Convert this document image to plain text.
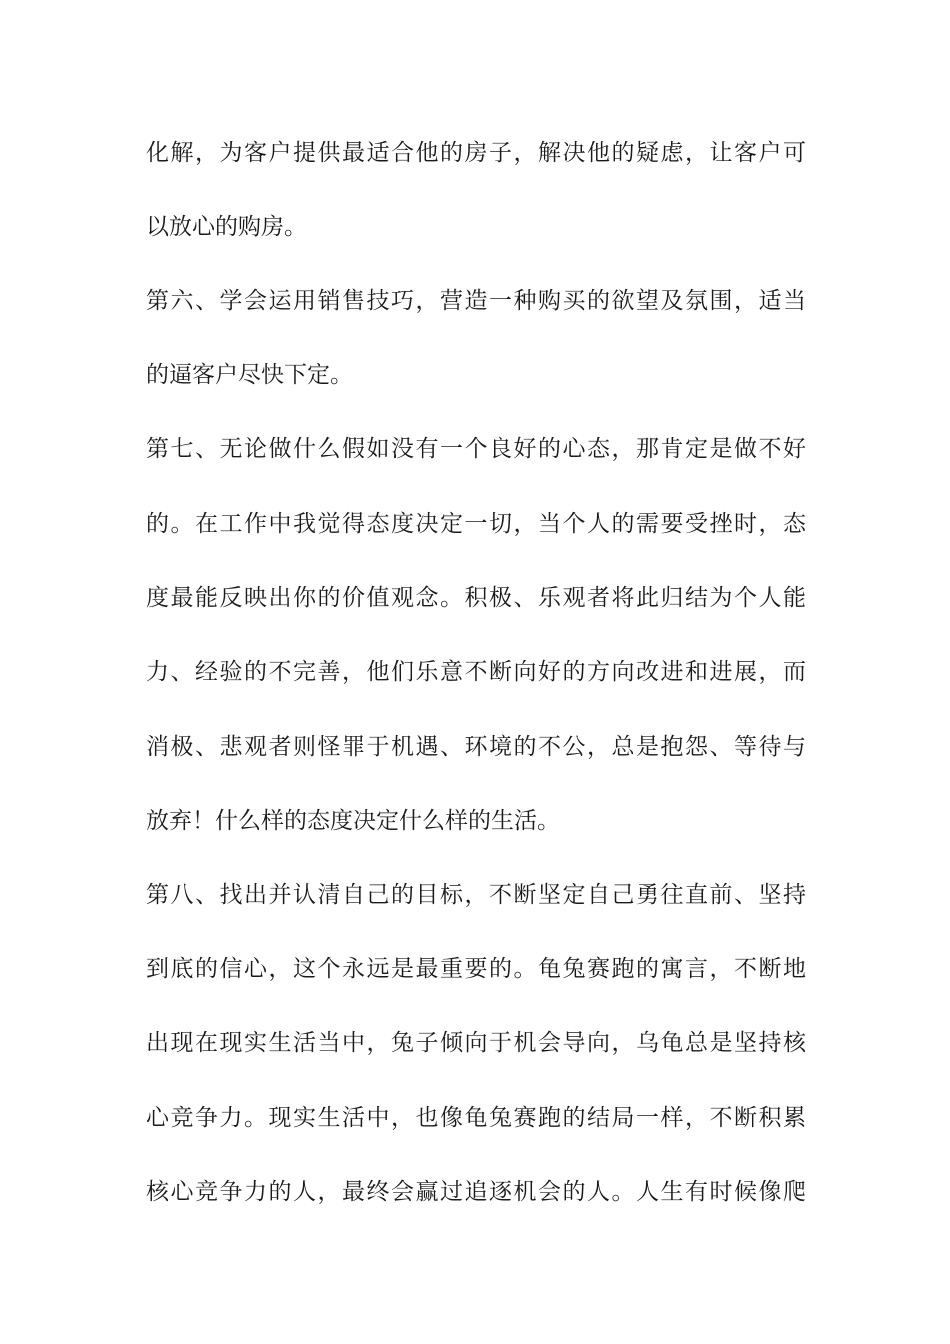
化解，为客户提供最适合他的房子，解决他的疑虑，让客户可
以放心的购房。
第六、学会运用销售技巧，营造一种购买的欲望及氛围，适当
的逼客户尽快下定。
第七、无论做什么假如没有一个良好的心态，那肯定是做不好
的。在工作中我觉得态度决定一切，当个人的需要受挫时，态
度最能反映出你的价值观念。积极、乐观者将此归结为个人能
力、经验的不完善，他们乐意不断向好的方向改进和进展，而
消极、悲观者则怪罪于机遇、环境的不公，总是抱怨、等待与
放弃！什么样的态度决定什么样的生活。
第八、找出并认清自己的目标，不断坚定自己勇往直前、坚持
到底的信心，这个永远是最重要的。龟兔赛跑的寓言，不断地
出现在现实生活当中，兔子倾向于机会导向，乌龟总是坚持核
心竞争力。现实生活中，也像龟兔赛跑的结局一样，不断积累
核心竞争力的人，最终会赢过追逐机会的人。人生有时候像爬
